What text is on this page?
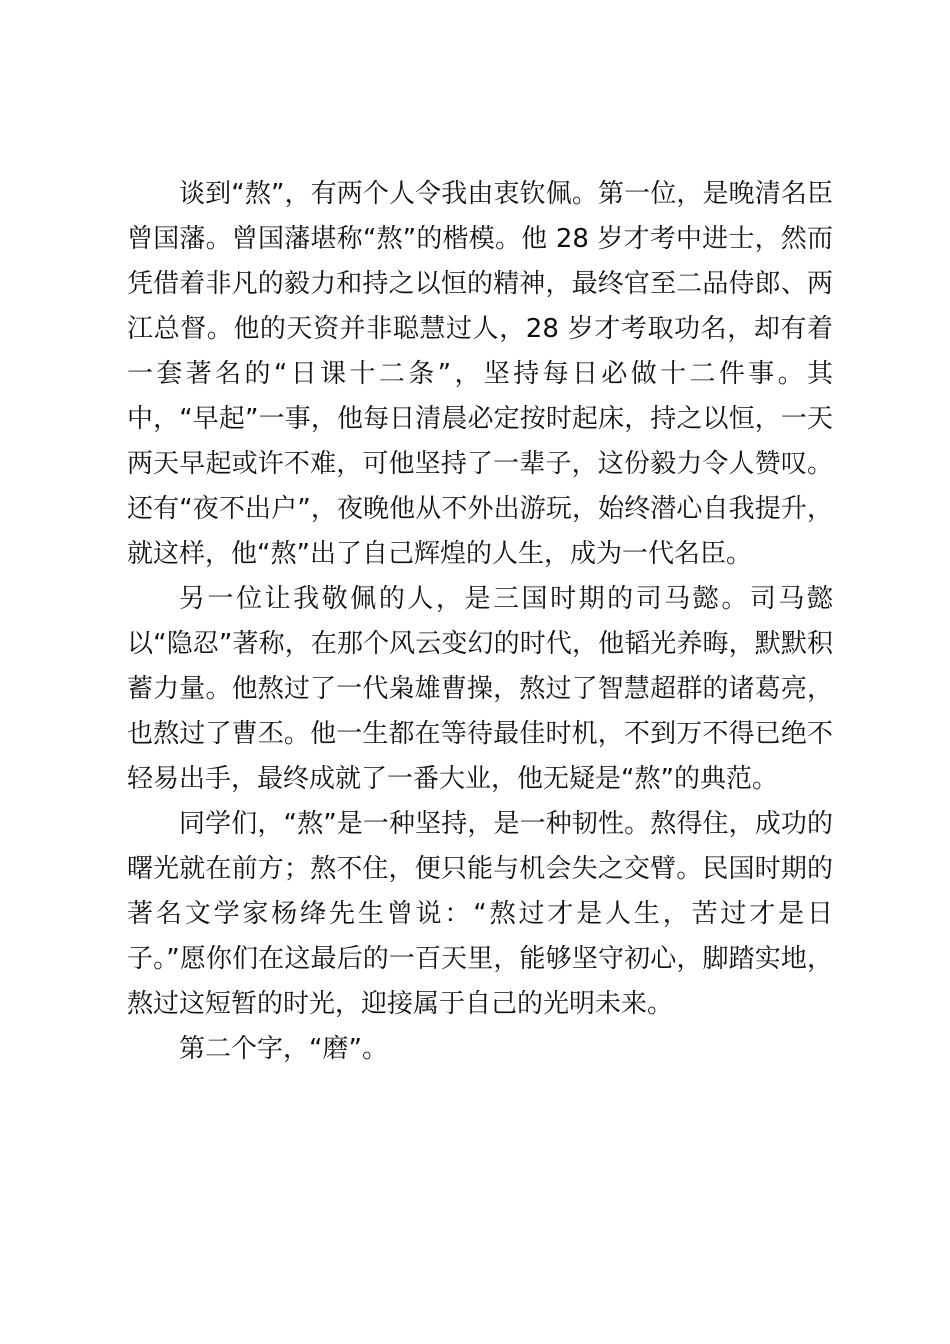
谈到“熬”，有两个人令我由衷钦佩。第一位，是晚清名臣曾国藩。曾国藩堪称“熬”的楷模。他 28 岁才考中进士，然而凭借着非凡的毅力和持之以恒的精神，最终官至二品侍郎、两江总督。他的天资并非聪慧过人，28 岁才考取功名，却有着一套著名的“日课十二条”，坚持每日必做十二件事。其中，“早起”一事，他每日清晨必定按时起床，持之以恒，一天两天早起或许不难，可他坚持了一辈子，这份毅力令人赞叹。还有“夜不出户”，夜晚他从不外出游玩，始终潜心自我提升，就这样，他“熬”出了自己辉煌的人生，成为一代名臣。

另一位让我敬佩的人，是三国时期的司马懿。司马懿以“隐忍”著称，在那个风云变幻的时代，他韬光养晦，默默积蓄力量。他熬过了一代枭雄曹操，熬过了智慧超群的诸葛亮，也熬过了曹丕。他一生都在等待最佳时机，不到万不得已绝不轻易出手，最终成就了一番大业，他无疑是“熬”的典范。

同学们，“熬”是一种坚持，是一种韧性。熬得住，成功的曙光就在前方；熬不住，便只能与机会失之交臂。民国时期的著名文学家杨绛先生曾说：“熬过才是人生，苦过才是日子。”愿你们在这最后的一百天里，能够坚守初心，脚踏实地，熬过这短暂的时光，迎接属于自己的光明未来。

第二个字，“磨”。
